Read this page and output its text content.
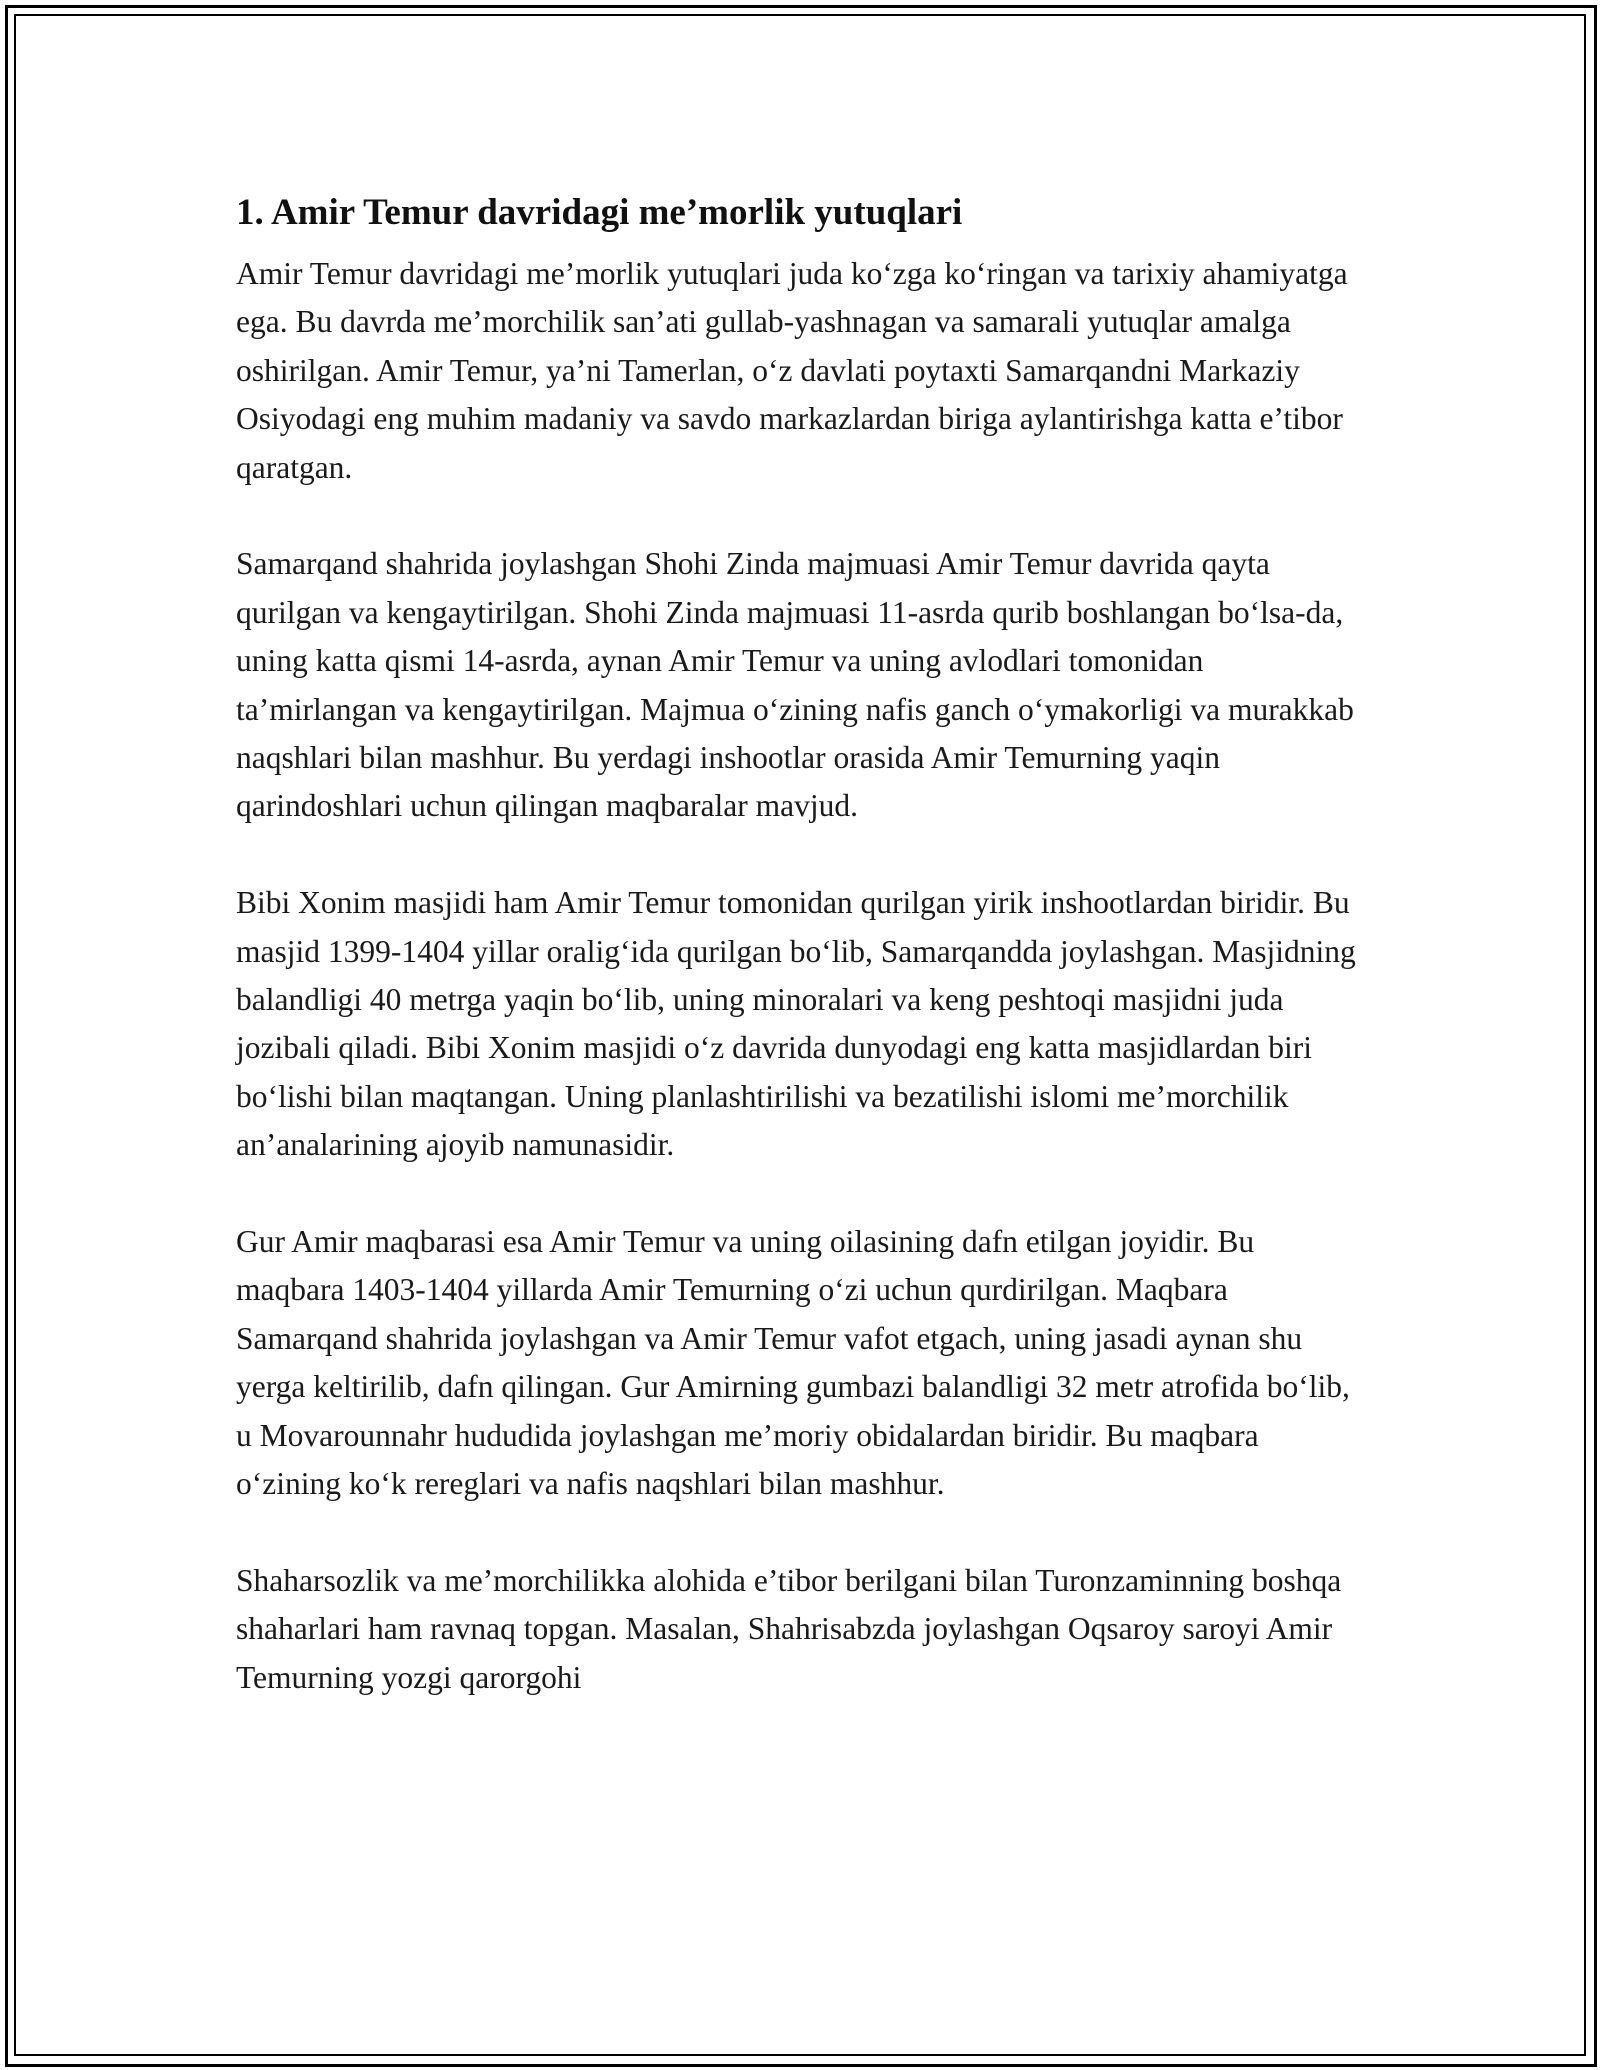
1. Amir Temur davridagi me’morlik yutuqlari

Amir Temur davridagi me’morlik yutuqlari juda ko‘zga ko‘ringan va tarixiy ahamiyatga ega. Bu davrda me’morchilik san’ati gullab-yashnagan va samarali yutuqlar amalga oshirilgan. Amir Temur, ya’ni Tamerlan, o‘z davlati poytaxti Samarqandni Markaziy Osiyodagi eng muhim madaniy va savdo markazlardan biriga aylantirishga katta e’tibor qaratgan.

Samarqand shahrida joylashgan Shohi Zinda majmuasi Amir Temur davrida qayta qurilgan va kengaytirilgan. Shohi Zinda majmuasi 11-asrda qurib boshlangan bo‘lsa-da, uning katta qismi 14-asrda, aynan Amir Temur va uning avlodlari tomonidan ta’mirlangan va kengaytirilgan. Majmua o‘zining nafis ganch o‘ymakorligi va murakkab naqshlari bilan mashhur. Bu yerdagi inshootlar orasida Amir Temurning yaqin qarindoshlari uchun qilingan maqbaralar mavjud.

Bibi Xonim masjidi ham Amir Temur tomonidan qurilgan yirik inshootlardan biridir. Bu masjid 1399-1404 yillar oralig‘ida qurilgan bo‘lib, Samarqandda joylashgan. Masjidning balandligi 40 metrga yaqin bo‘lib, uning minoralari va keng peshtoqi masjidni juda jozibali qiladi. Bibi Xonim masjidi o‘z davrida dunyodagi eng katta masjidlardan biri bo‘lishi bilan maqtangan. Uning planlashtirilishi va bezatilishi islomi me’morchilik an’analarining ajoyib namunasidir.

Gur Amir maqbarasi esa Amir Temur va uning oilasining dafn etilgan joyidir. Bu maqbara 1403-1404 yillarda Amir Temurning o‘zi uchun qurdirilgan. Maqbara Samarqand shahrida joylashgan va Amir Temur vafot etgach, uning jasadi aynan shu yerga keltirilib, dafn qilingan. Gur Amirning gumbazi balandligi 32 metr atrofida bo‘lib, u Movarounnahr hududida joylashgan me’moriy obidalardan biridir. Bu maqbara o‘zining ko‘k rereglari va nafis naqshlari bilan mashhur.

Shaharsozlik va me’morchilikka alohida e’tibor berilgani bilan Turonzaminning boshqa shaharlari ham ravnaq topgan. Masalan, Shahrisabzda joylashgan Oqsaroy saroyi Amir Temurning yozgi qarorgohi
